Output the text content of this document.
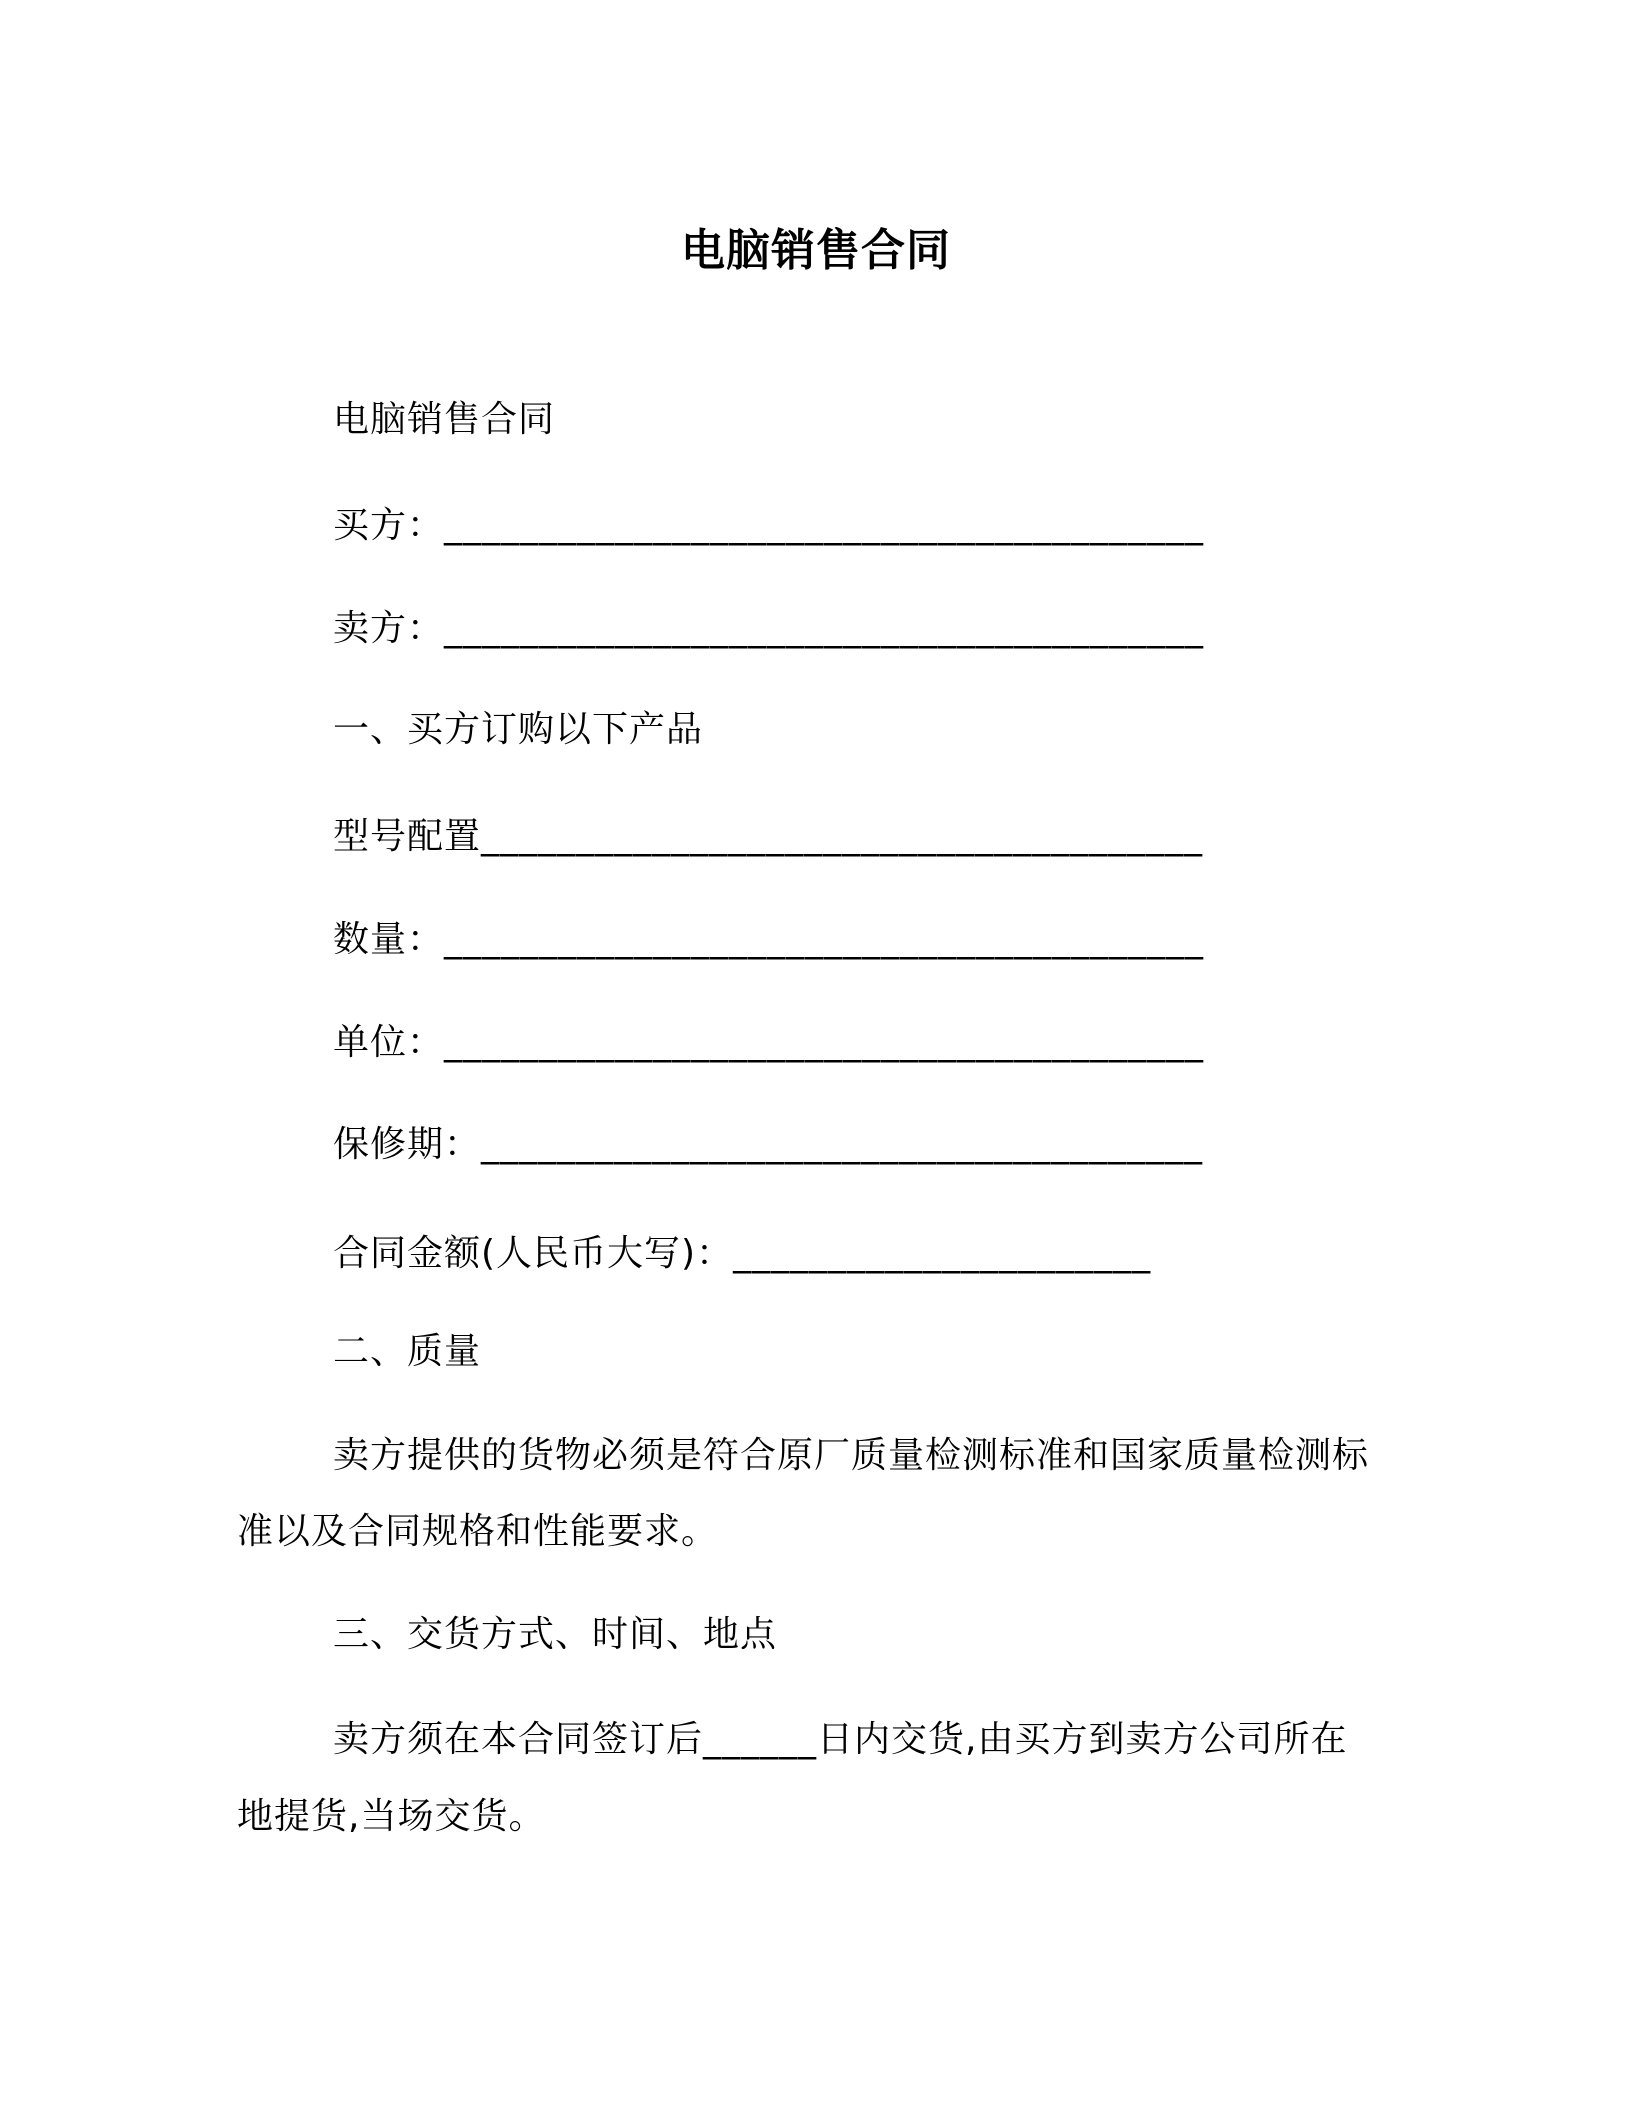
电脑销售合同
电脑销售合同
买方：________________________________________
卖方：________________________________________
一、买方订购以下产品
型号配置______________________________________
数量：________________________________________
单位：________________________________________
保修期：______________________________________
合同金额(人民币大写)：______________________
二、质量
卖方提供的货物必须是符合原厂质量检测标准和国家质量检测标
准以及合同规格和性能要求。
三、交货方式、时间、地点
卖方须在本合同签订后______日内交货,由买方到卖方公司所在
地提货,当场交货。
